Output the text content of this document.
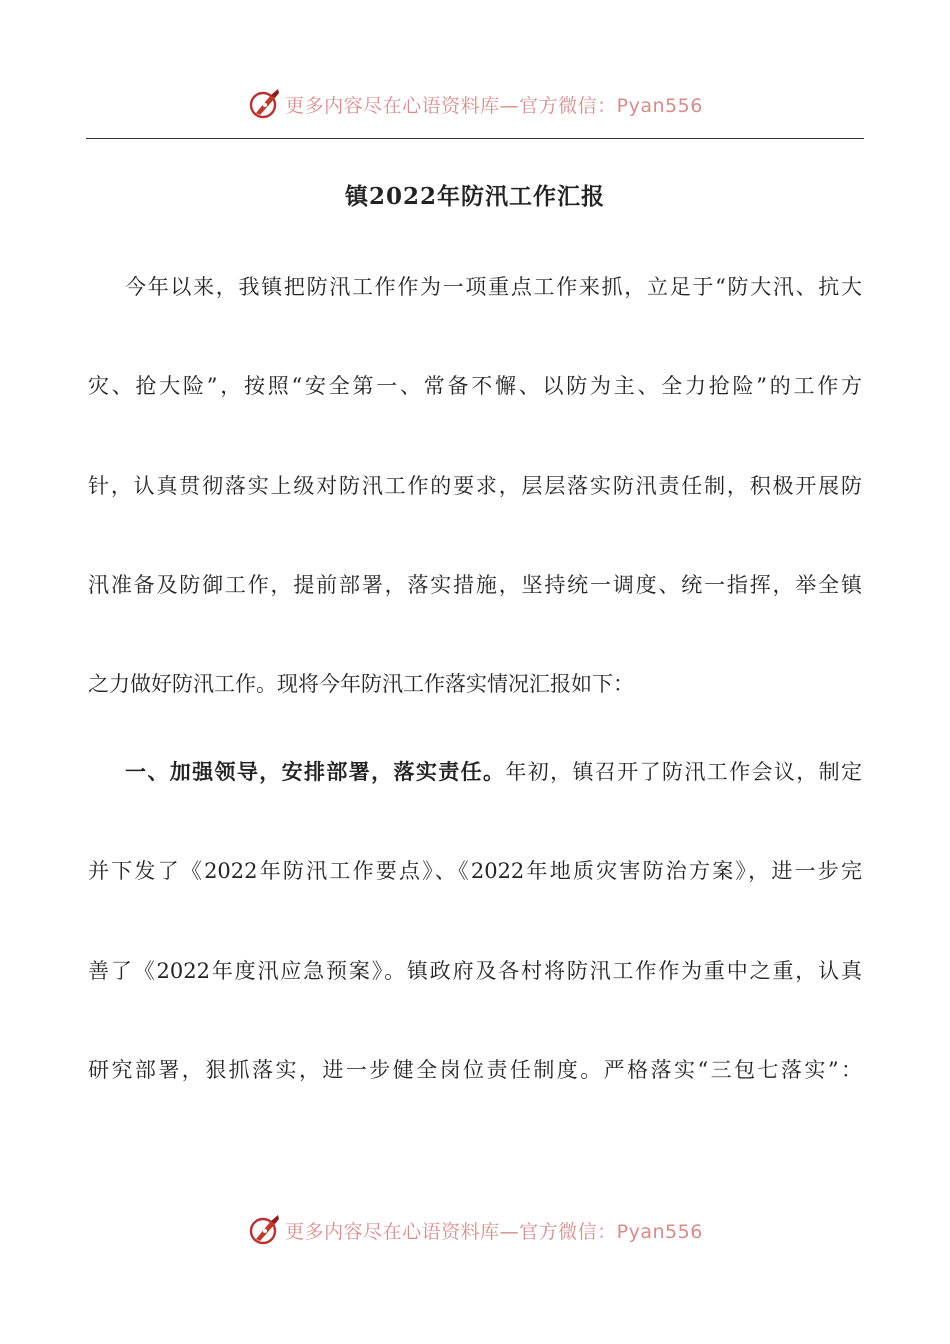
更多内容尽在心语资料库—官方微信：Pyan556
镇2022年防汛工作汇报
今年以来，我镇把防汛工作作为一项重点工作来抓，立足于“防大汛、抗大
灾、抢大险”，按照“安全第一、常备不懈、以防为主、全力抢险”的工作方
针，认真贯彻落实上级对防汛工作的要求，层层落实防汛责任制，积极开展防
汛准备及防御工作，提前部署，落实措施，坚持统一调度、统一指挥，举全镇
之力做好防汛工作。现将今年防汛工作落实情况汇报如下：
一、加强领导，安排部署，落实责任。年初，镇召开了防汛工作会议，制定
并下发了《2022年防汛工作要点》、《2022年地质灾害防治方案》，进一步完
善了《2022年度汛应急预案》。镇政府及各村将防汛工作作为重中之重，认真
研究部署，狠抓落实，进一步健全岗位责任制度。严格落实“三包七落实”：
更多内容尽在心语资料库—官方微信：Pyan556
